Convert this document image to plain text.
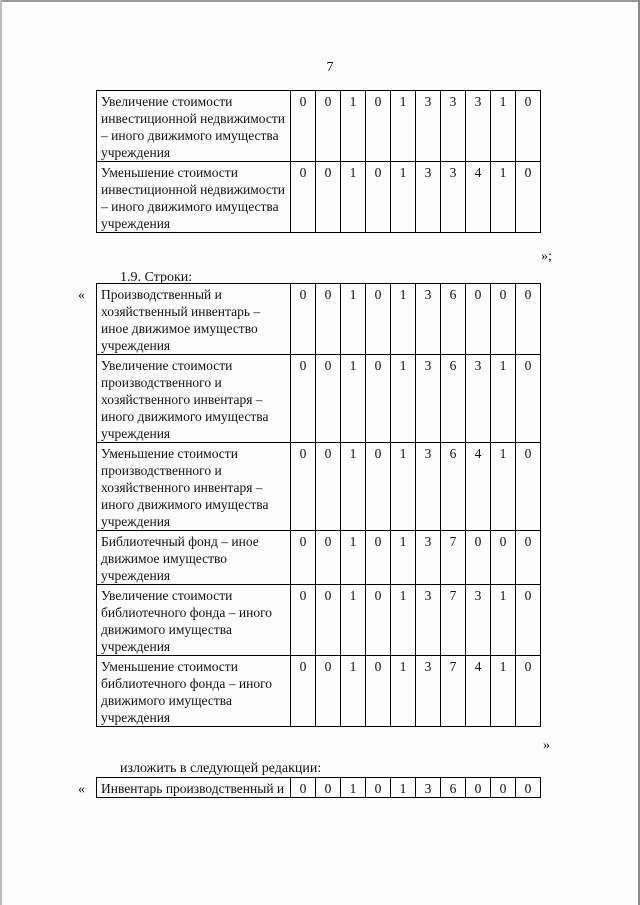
7
Увеличение стоимости инвестиционной недвижимости – иного движимого имущества учреждения	0	0	1	0	1	3	3	3	1	0
Уменьшение стоимости инвестиционной недвижимости – иного движимого имущества учреждения	0	0	1	0	1	3	3	4	1	0
»;
1.9. Строки:
« Производственный и хозяйственный инвентарь – иное движимое имущество учреждения	0	0	1	0	1	3	6	0	0	0
Увеличение стоимости производственного и хозяйственного инвентаря – иного движимого имущества учреждения	0	0	1	0	1	3	6	3	1	0
Уменьшение стоимости производственного и хозяйственного инвентаря – иного движимого имущества учреждения	0	0	1	0	1	3	6	4	1	0
Библиотечный фонд – иное движимое имущество учреждения	0	0	1	0	1	3	7	0	0	0
Увеличение стоимости библиотечного фонда – иного движимого имущества учреждения	0	0	1	0	1	3	7	3	1	0
Уменьшение стоимости библиотечного фонда – иного движимого имущества учреждения	0	0	1	0	1	3	7	4	1	0
»
изложить в следующей редакции:
« Инвентарь производственный и	0	0	1	0	1	3	6	0	0	0
